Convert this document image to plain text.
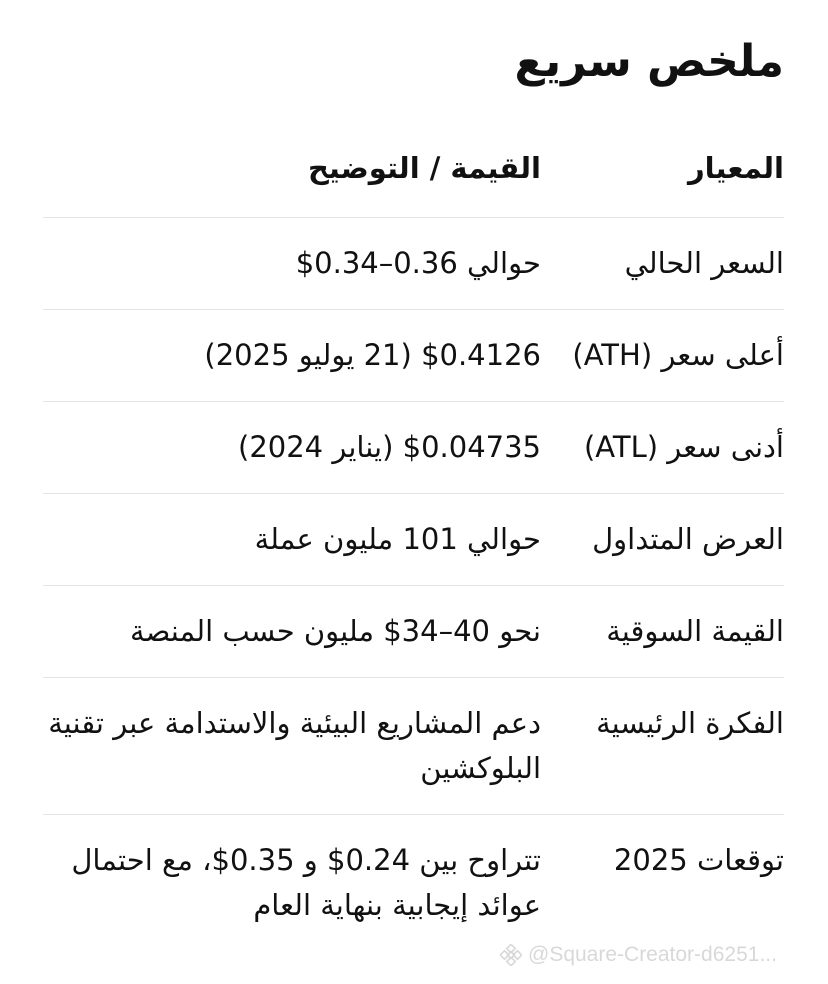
ملخص سريع
المعيار
القيمة / التوضيح
السعر الحالي
حوالي ‎$0.34–0.36‎
أعلى سعر (ATH)
‎$0.4126‎ (21 يوليو 2025)
أدنى سعر (ATL)
‎$0.04735‎ (يناير 2024)
العرض المتداول
حوالي 101 مليون عملة
القيمة السوقية
نحو ‎$34–40‎ مليون حسب المنصة
الفكرة الرئيسية
دعم المشاريع البيئية والاستدامة عبر تقنية البلوكشين
توقعات 2025
تتراوح بين ‎$0.24‎ و ‎$0.35‎، مع احتمال عوائد إيجابية بنهاية العام
@Square-Creator-d6251...
